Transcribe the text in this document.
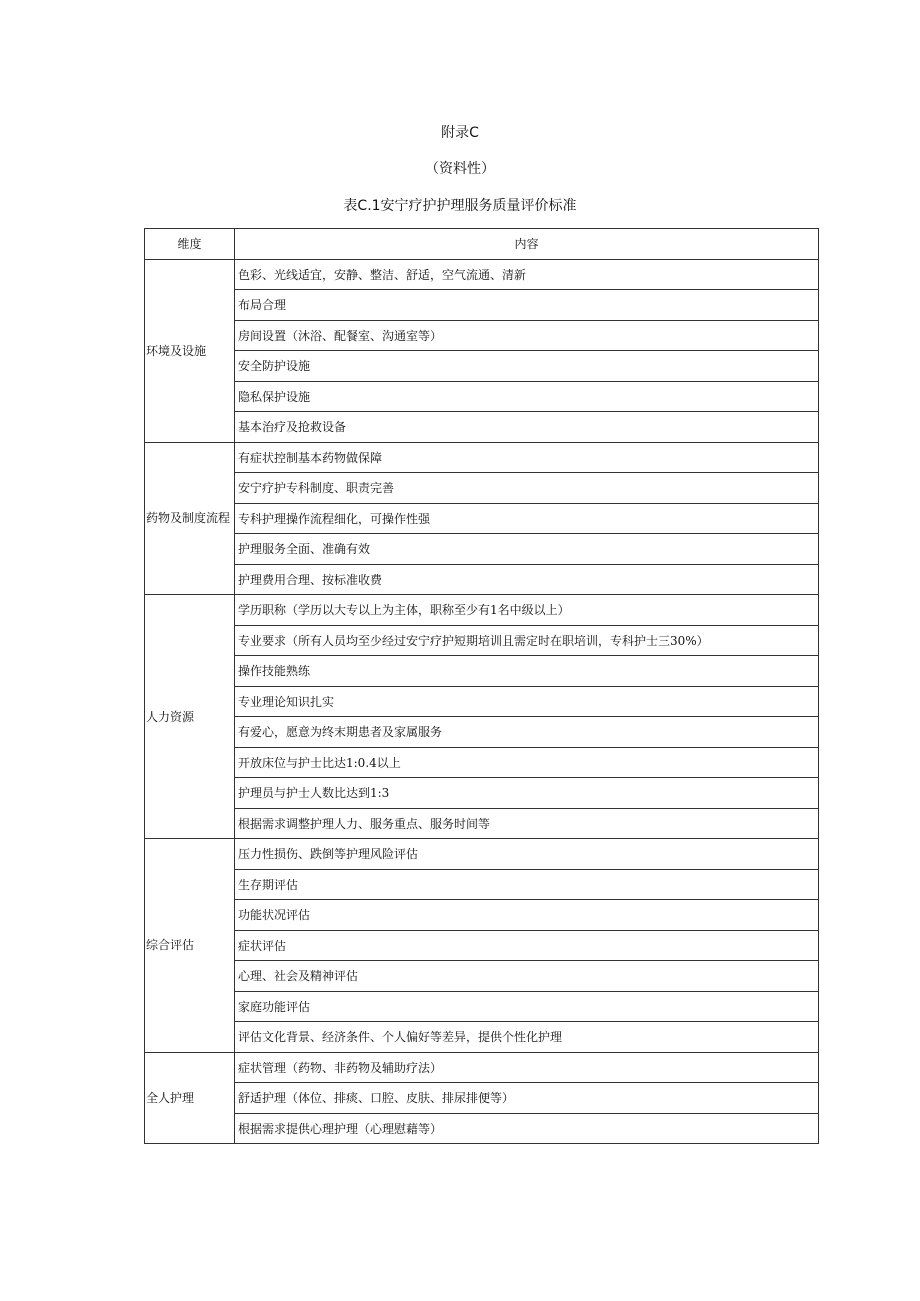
附录C
（资料性）
表C.1安宁疗护护理服务质量评价标准
维度	内容
环境及设施	色彩、光线适宜，安静、整洁、舒适，空气流通、清新
	布局合理
	房间设置（沐浴、配餐室、沟通室等）
	安全防护设施
	隐私保护设施
	基本治疗及抢救设备
药物及制度流程	有症状控制基本药物做保障
	安宁疗护专科制度、职责完善
	专科护理操作流程细化，可操作性强
	护理服务全面、准确有效
	护理费用合理、按标准收费
人力资源	学历职称（学历以大专以上为主体，职称至少有1名中级以上）
	专业要求（所有人员均至少经过安宁疗护短期培训且需定时在职培训，专科护士三30%）
	操作技能熟练
	专业理论知识扎实
	有爱心，愿意为终末期患者及家属服务
	开放床位与护士比达1:0.4以上
	护理员与护士人数比达到1:3
	根据需求调整护理人力、服务重点、服务时间等
综合评估	压力性损伤、跌倒等护理风险评估
	生存期评估
	功能状况评估
	症状评估
	心理、社会及精神评估
	家庭功能评估
	评估文化背景、经济条件、个人偏好等差异，提供个性化护理
全人护理	症状管理（药物、非药物及辅助疗法）
	舒适护理（体位、排痰、口腔、皮肤、排尿排便等）
	根据需求提供心理护理（心理慰藉等）
